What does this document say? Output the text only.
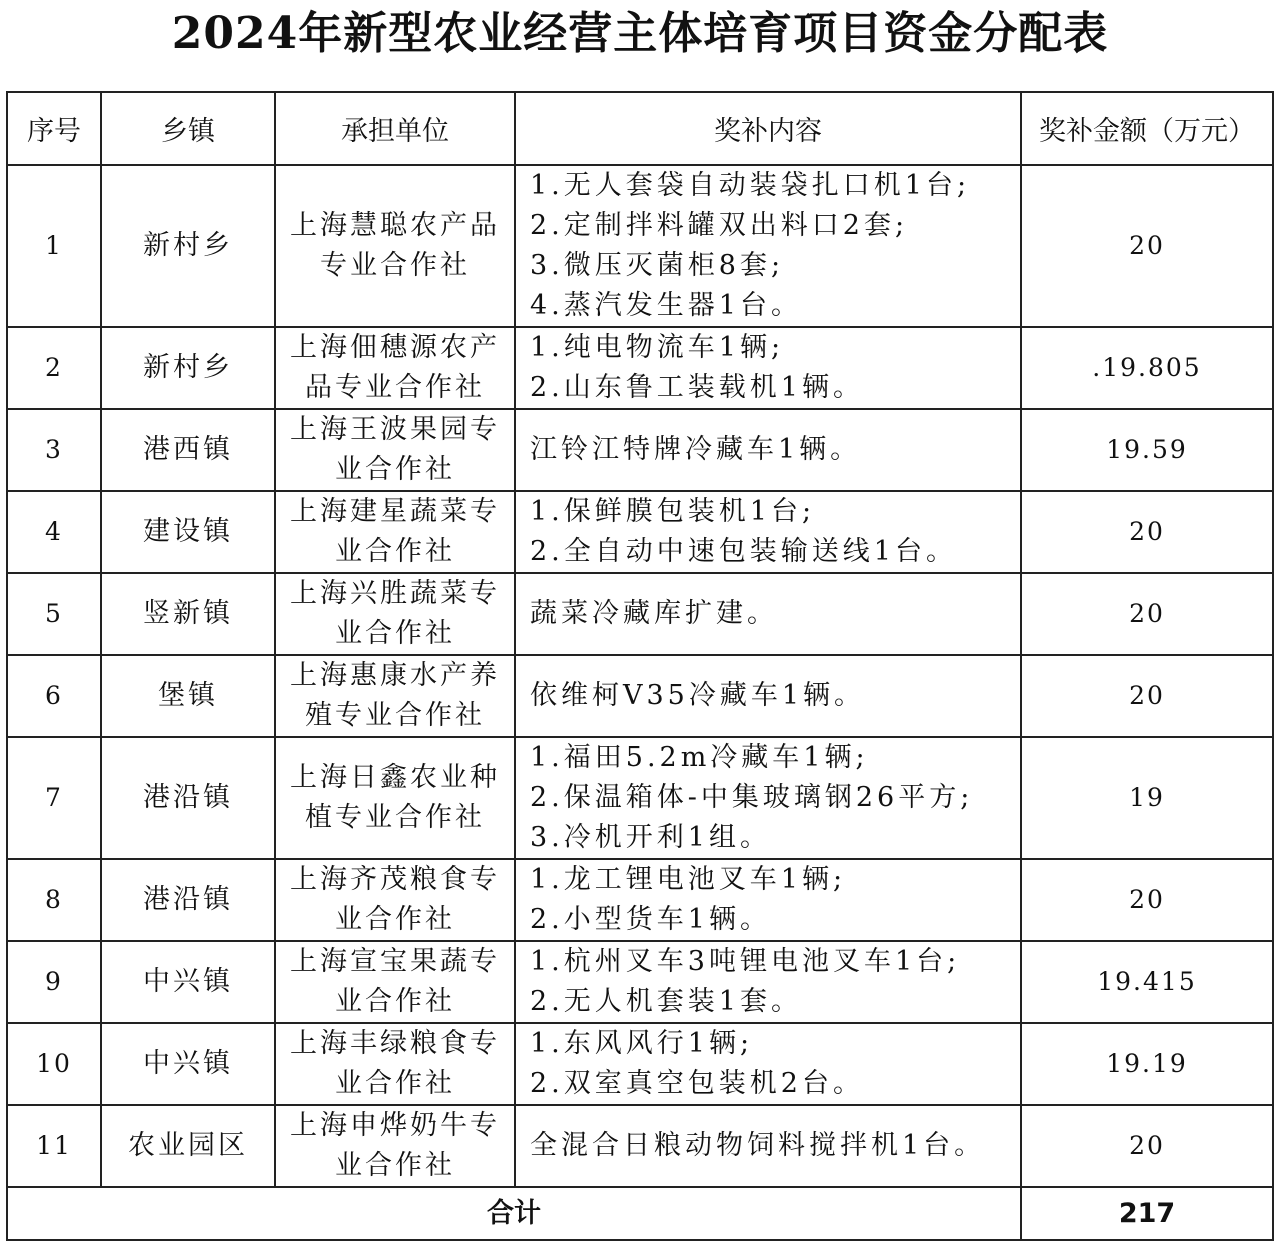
2024年新型农业经营主体培育项目资金分配表
序号	乡镇	承担单位	奖补内容	奖补金额（万元）
1	新村乡	上海慧聪农产品专业合作社	1.无人套袋自动装袋扎口机1台;
2.定制拌料罐双出料口2套;
3.微压灭菌柜8套;
4.蒸汽发生器1台。	20
2	新村乡	上海佃穗源农产品专业合作社	1.纯电物流车1辆;
2.山东鲁工装载机1辆。	.19.805
3	港西镇	上海王波果园专业合作社	江铃江特牌冷藏车1辆。	19.59
4	建设镇	上海建星蔬菜专业合作社	1.保鲜膜包装机1台;
2.全自动中速包装输送线1台。	20
5	竖新镇	上海兴胜蔬菜专业合作社	蔬菜冷藏库扩建。	20
6	堡镇	上海惠康水产养殖专业合作社	依维柯V35冷藏车1辆。	20
7	港沿镇	上海日鑫农业种植专业合作社	1.福田5.2m冷藏车1辆;
2.保温箱体-中集玻璃钢26平方;
3.冷机开利1组。	19
8	港沿镇	上海齐茂粮食专业合作社	1.龙工锂电池叉车1辆;
2.小型货车1辆。	20
9	中兴镇	上海宣宝果蔬专业合作社	1.杭州叉车3吨锂电池叉车1台;
2.无人机套装1套。	19.415
10	中兴镇	上海丰绿粮食专业合作社	1.东风风行1辆;
2.双室真空包装机2台。	19.19
11	农业园区	上海申烨奶牛专业合作社	全混合日粮动物饲料搅拌机1台。	20
合计				217
